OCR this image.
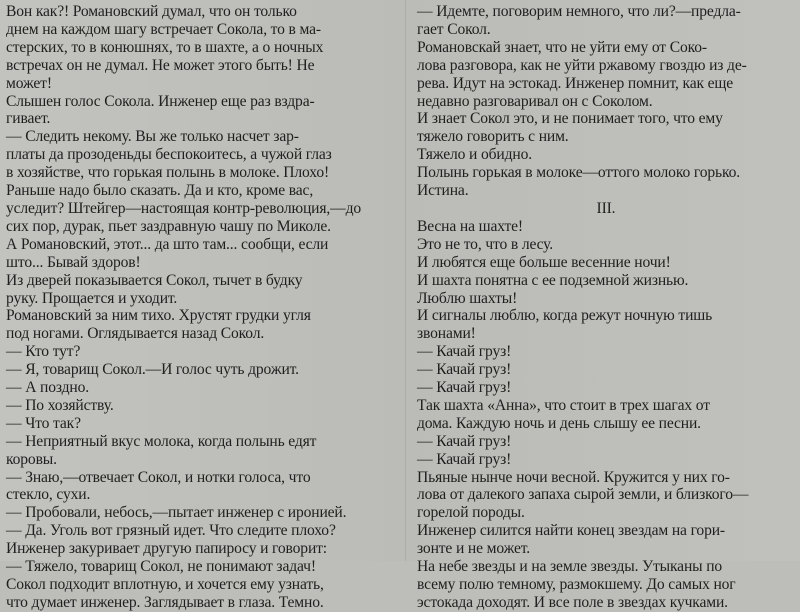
Вон как?! Романовский думал, что он только
днем на каждом шагу встречает Сокола, то в ма-
стерских, то в конюшнях, то в шахте, а о ночных
встречах он не думал. Не может этого быть! Не
может!

Слышен голос Сокола. Инженер еще раз вздра-
гивает.

— Следить некому. Вы же только насчет зар-
платы да прозоденьды беспокоитесь, а чужой глаз
в хозяйстве, что горькая полынь в молоке. Плохо!
Раньше надо было сказать. Да и кто, кроме вас,
уследит? Штейгер—настоящая контр-революция,—до
сих пор, дурак, пьет заздравную чашу по Миколе.
А Романовский, этот... да што там... сообщи, если
што... Бывай здоров!

Из дверей показывается Сокол, тычет в будку
руку. Прощается и уходит.

Романовский за ним тихо. Хрустят грудки угля
под ногами. Оглядывается назад Сокол.

— Кто тут?

— Я, товарищ Сокол.—И голос чуть дрожит.

— А поздно.

— По хозяйству.

— Что так?

— Неприятный вкус молока, когда полынь едят
коровы.

— Знаю,—отвечает Сокол, и нотки голоса, что
стекло, сухи.

— Пробовали, небось,—пытает инженер с иронией.

— Да. Уголь вот грязный идет. Что следите плохо?

Инженер закуривает другую папиросу и говорит:

— Тяжело, товарищ Сокол, не понимают задач!

Сокол подходит вплотную, и хочется ему узнать,
что думает инженер. Заглядывает в глаза. Темно.

— Идемте, поговорим немного, что ли?—предла-
гает Сокол.

Романовскай знает, что не уйти ему от Соко-
лова разговора, как не уйти ржавому гвоздю из де-
рева. Идут на эстокад. Инженер помнит, как еще
недавно разговаривал он с Соколом.

И знает Сокол это, и не понимает того, что ему
тяжело говорить с ним.

Тяжело и обидно.

Полынь горькая в молоке—оттого молоко горько.

Истина.

III.

Весна на шахте!

Это не то, что в лесу.

И любятся еще больше весенние ночи!

И шахта понятна с ее подземной жизнью.

Люблю шахты!

И сигналы люблю, когда режут ночную тишь
звонами!

— Качай груз!

— Качай груз!

— Качай груз!

Так шахта «Анна», что стоит в трех шагах от
дома. Каждую ночь и день слышу ее песни.

— Качай груз!

— Качай груз!

Пьяные нынче ночи весной. Кружится у них го-
лова от далекого запаха сырой земли, и близкого—
горелой породы.

Инженер силится найти конец звездам на гори-
зонте и не может.

На небе звезды и на земле звезды. Утыканы по
всему полю темному, размокшему. До самых ног
эстокада доходят. И все поле в звездах кучками.
